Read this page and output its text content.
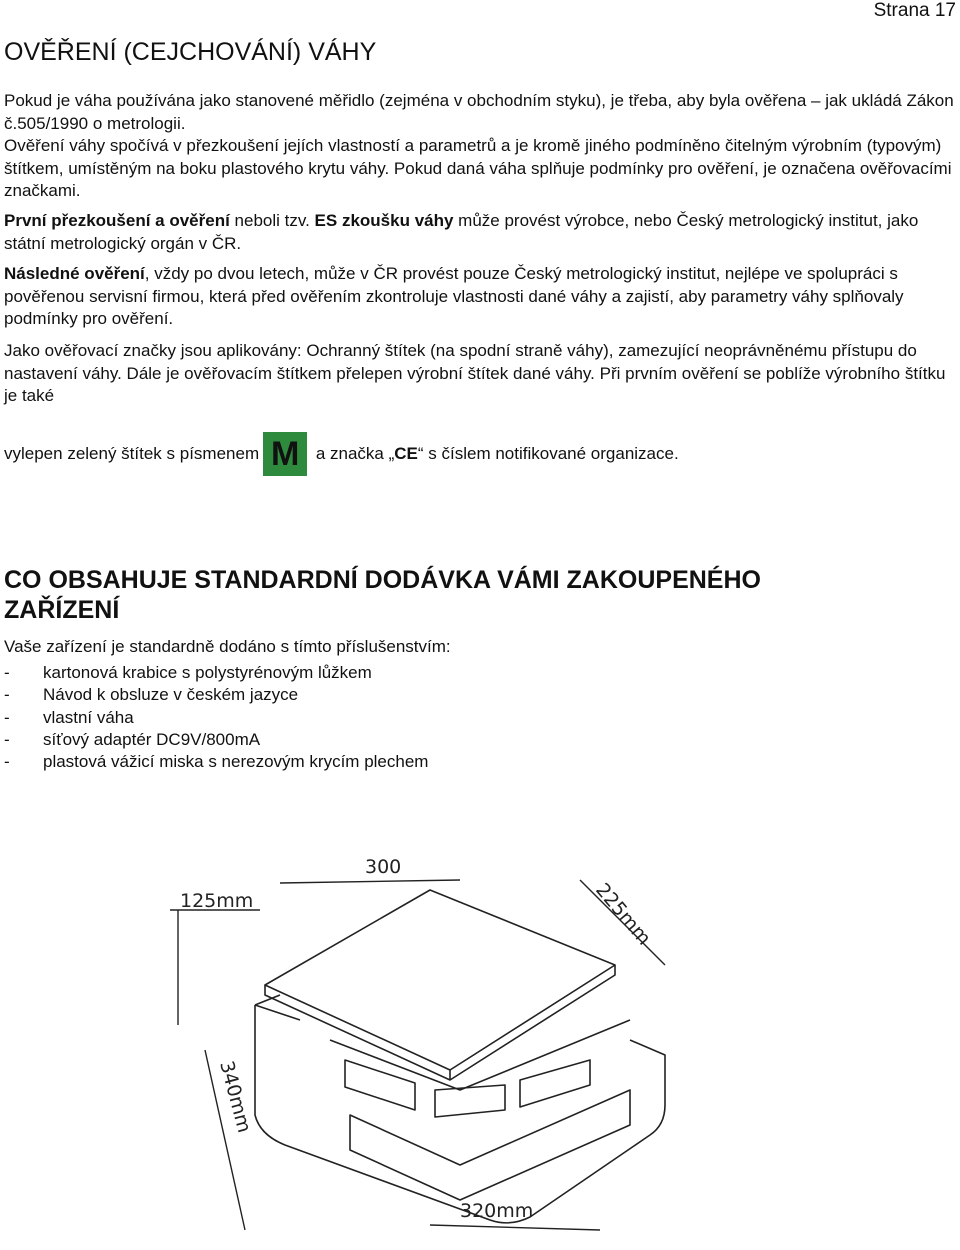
Strana 17
OVĚŘENÍ (CEJCHOVÁNÍ) VÁHY

Pokud je váha používána jako stanovené měřidlo (zejména v obchodním styku), je třeba, aby byla ověřena – jak ukládá Zákon č.505/1990 o metrologii.

Ověření váhy spočívá v přezkoušení jejích vlastností a parametrů a je kromě jiného podmíněno čitelným výrobním (typovým) štítkem, umístěným na boku plastového krytu váhy. Pokud daná váha splňuje podmínky pro ověření, je označena ověřovacími značkami.

První přezkoušení a ověření neboli tzv. ES zkoušku váhy může provést výrobce, nebo Český metrologický institut, jako státní metrologický orgán v ČR.

Následné ověření, vždy po dvou letech, může v ČR provést pouze Český metrologický institut, nejlépe ve spolupráci s pověřenou servisní firmou, která před ověřením zkontroluje vlastnosti dané váhy a zajistí, aby parametry váhy splňovaly podmínky pro ověření.

Jako ověřovací značky jsou aplikovány: Ochranný štítek (na spodní straně váhy), zamezující neoprávněnému přístupu do nastavení váhy. Dále je ověřovacím štítkem přelepen výrobní štítek dané váhy. Při prvním ověření se poblíže výrobního štítku je také

vylepen zelený štítek s písmenem M a značka „CE“ s číslem notifikované organizace.

CO OBSAHUJE STANDARDNÍ DODÁVKA VÁMI ZAKOUPENÉHO ZAŘÍZENÍ
Vaše zařízení je standardně dodáno s tímto příslušenstvím:
- kartonová krabice s polystyrénovým lůžkem
- Návod k obsluze v českém jazyce
- vlastní váha
- síťový adaptér DC9V/800mA
- plastová vážicí miska s nerezovým krycím plechem
300
125mm	225mm
340mm
320mm
